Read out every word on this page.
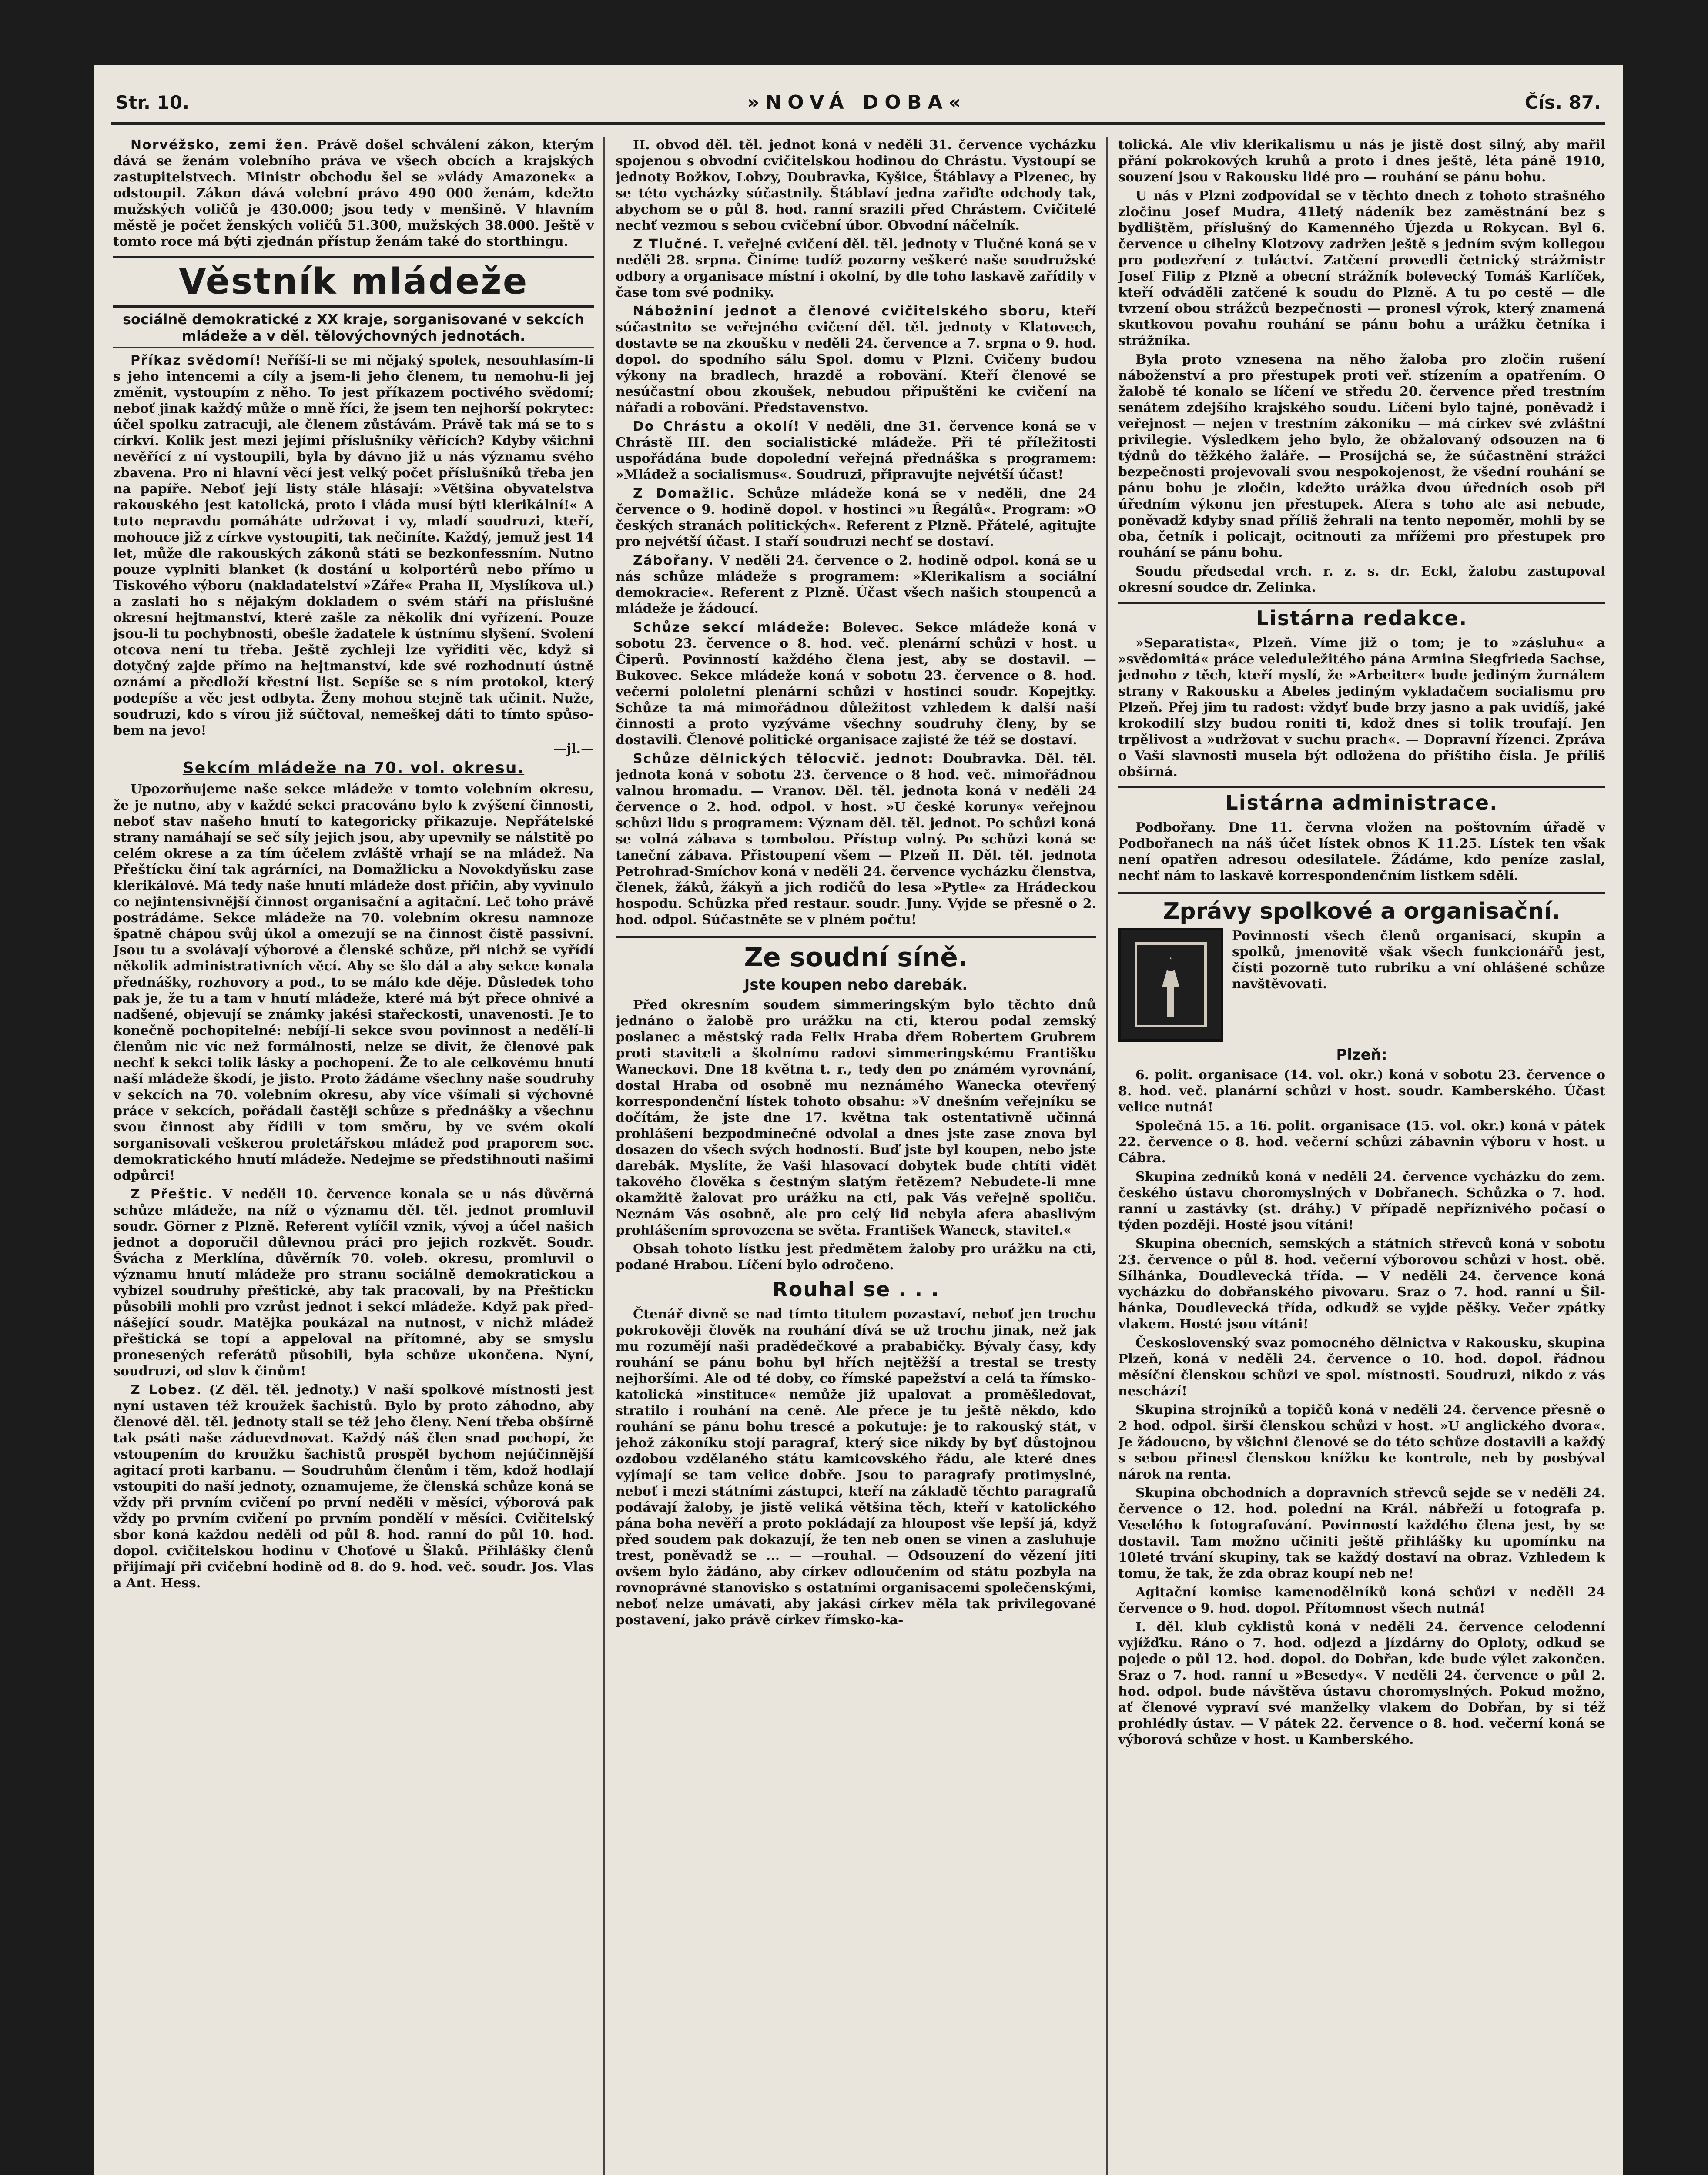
Str. 10.	»NOVÁ DOBA«	Čís. 87.

Norvéžsko, zemi žen. Právě došel schválení zákon, kterým dává se ženám volebního práva ve všech obcích a krajských zastupitelstvech. Ministr obchodu šel se »vlády Amazonek« a odstoupil. Zákon dává volební právo 490 000 ženám, kdežto mužských voličů je 430.000; jsou tedy v menšině. V hlavním městě je počet ženských voličů 51.300, mužských 38.000. Ještě v tomto roce má býti zjednán přístup ženám také do storthingu.

Věstník mládeže
sociálně demokratické z XX kraje, sorganisované v sekcích mládeže a v děl. tělovýchovných jednotách.

Příkaz svědomí! Neříší-li se mi nějaký spolek, nesouhlasím-li s jeho intencemi a cíly a jsem-li jeho členem, tu nemohu-li jej změnit, vystoupím z něho. To jest příkazem poctivého svědomí; neboť jinak každý může o mně říci, že jsem ten nejhorší pokrytec: účel spolku zatracuji, ale členem zůstávám. Právě tak má se to s církví. Kolik jest mezi jejími příslušníky věřících? Kdyby všichni nevěřící z ní vystoupili, byla by dávno již u nás významu svého zbavena. Pro ni hlavní věcí jest velký počet příslušníků třeba jen na papíře. Neboť její listy stále hlásají: »Většina obyvatelstva rakouského jest katolická, proto i vláda musí býti klerikální!« A tuto nepravdu pomáháte udržovat i vy, mladí soudruzi, kteří, mohouce již z církve vystoupiti, tak nečiníte. Každý, jemuž jest 14 let, může dle rakouských zákonů státi se bezkonfessním. Nutno pouze vyplniti blanket (k dostání u kolportérů nebo přímo u Tiskového výboru (nakladatelství »Záře« Praha II, Myslíkova ul.) a zaslati ho s nějakým dokladem o svém stáří na příslušné okresní hejtmanství, které zašle za několik dní vyřízení. Pouze jsou-li tu pochybnosti, obešle žadatele k ústnímu slyšení. Svolení otcova není tu třeba. Ještě zychleji lze vyřiditi věc, když si dotyčný zajde přímo na hejtmanství, kde své rozhodnutí ústně oznámí a předloží křestní list. Sepíše se s ním protokol, který podepíše a věc jest odbyta. Ženy mohou stejně tak učinit. Nuže, soudruzi, kdo s vírou již súčtoval, nemeškej dáti to tímto spůsobem na jevo!

—jl.—

Sekcím mládeže na 70. vol. okresu.

Upozorňujeme naše sekce mládeže v tomto volebním okresu, že je nutno, aby v každé sekci pracováno bylo k zvýšení činnosti, neboť stav našeho hnutí to kategoricky přikazuje. Nepřátelské strany namáhají se seč síly jejich jsou, aby upevnily se nálstitě po celém okrese a za tím účelem zvláště vrhají se na mládež. Na Přeštícku činí tak agrárníci, na Domažlicku a Novokdyňsku zase klerikálové. Má tedy naše hnutí mládeže dost příčin, aby vyvinulo co nejintensivnější činnost organisační a agitační. Leč toho právě postrádáme. Sekce mládeže na 70. volebním okresu namnoze špatně chápou svůj úkol a omezují se na činnost čistě passivní. Jsou tu a svolávají výborové a členské schůze, při nichž se vyřídí několik administrativních věcí. Aby se šlo dál a aby sekce konala přednášky, rozhovory a pod., to se málo kde děje. Důsledek toho pak je, že tu a tam v hnutí mládeže, které má být přece ohnivé a nadšené, objevují se známky jakési stařeckosti, unavenosti. Je to konečně pochopitelné: nebíjí-li sekce svou povinnost a nedělí-li členům nic víc než formálnosti, nelze se divit, že členové pak nechť k sekci tolik lásky a pochopení. Že to ale celkovému hnutí naší mládeže škodí, je jisto. Proto žádáme všechny naše soudruhy v sekcích na 70. volebním okresu, aby více všímali si výchovné práce v sekcích, pořádali častěji schůze s přednášky a všechnu svou činnost aby řídili v tom směru, by ve svém okolí sorganisovali veškerou proletářskou mládež pod praporem soc. demokratického hnutí mládeže. Nedejme se předstihnouti našimi odpůrci!

Z Přeštic. V neděli 10. července konala se u nás důvěrná schůze mládeže, na níž o významu děl. těl. jednot promluvil soudr. Görner z Plzně. Referent vylíčil vznik, vývoj a účel našich jednot a doporučil důlevnou práci pro jejich rozkvět. Soudr. Švácha z Merklína, důvěrník 70. voleb. okresu, promluvil o významu hnutí mládeže pro stranu sociálně demokratickou a vybízel soudruhy přeštické, aby tak pracovali, by na Přeštícku působili mohli pro vzrůst jednot i sekcí mládeže. Když pak přednášející soudr. Matějka poukázal na nutnost, v nichž mládež přeštická se topí a appeloval na přítomné, aby se smyslu pronesených referátů působili, byla schůze ukončena. Nyní, soudruzi, od slov k činům!

Z Lobez. (Z děl. těl. jednoty.) V naší spolkové místnosti jest nyní ustaven též kroužek šachistů. Bylo by proto záhodno, aby členové děl. těl. jednoty stali se též jeho členy. Není třeba obšírně tak psáti naše záduevdnovat. Každý náš člen snad pochopí, že vstoupením do kroužku šachistů prospěl bychom nejúčinnější agitací proti karbanu. — Soudruhům členům i těm, kdož hodlají vstoupiti do naší jednoty, oznamujeme, že členská schůze koná se vždy při prvním cvičení po první neděli v měsíci, výborová pak vždy po prvním cvičení po prvním pondělí v měsíci. Cvičitelský sbor koná každou neděli od půl 8. hod. ranní do půl 10. hod. dopol. cvičitelskou hodinu v Choťové u Šlaků. Přihlášky členů přijímají při cvičební hodině od 8. do 9. hod. več. soudr. Jos. Vlas a Ant. Hess.

II. obvod děl. těl. jednot koná v neděli 31. července vycházku spojenou s obvodní cvičitelskou hodinou do Chrástu. Vystoupí se jednoty Božkov, Lobzy, Doubravka, Kyšice, Štáblavy a Plzenec, by se této vycházky súčastnily. Štáblaví jedna zařiďte odchody tak, abychom se o půl 8. hod. ranní srazili před Chrástem. Cvičitelé nechť vezmou s sebou cvičební úbor. Obvodní náčelník.

Z Tlučné. I. veřejné cvičení děl. těl. jednoty v Tlučné koná se v neděli 28. srpna. Činíme tudíž pozorny veškeré naše soudružské odbory a organisace místní i okolní, by dle toho laskavě zařídily v čase tom své podniky.

Nábožniní jednot a členové cvičitelského sboru, kteří súčastnito se veřejného cvičení děl. těl. jednoty v Klatovech, dostavte se na zkoušku v neděli 24. července a 7. srpna o 9. hod. dopol. do spodního sálu Spol. domu v Plzni. Cvičeny budou výkony na bradlech, hrazdě a roboväní. Kteří členové se nesúčastní obou zkoušek, nebudou připuštěni ke cvičení na nářadí a roboväní. Představenstvo.

Do Chrástu a okolí! V neděli, dne 31. července koná se v Chrástě III. den socialistické mládeže. Při té příležitosti uspořádána bude dopolední veřejná přednáška s programem: »Mládež a socialismus«. Soudruzi, připravujte nejvétší účast!

Z Domažlic. Schůze mládeže koná se v neděli, dne 24 července o 9. hodině dopol. v hostinci »u Řegálů«. Program: »O českých stranách politických«. Referent z Plzně. Přátelé, agitujte pro nejvétší účast. I staří soudruzi nechť se dostaví.

Zábořany. V neděli 24. července o 2. hodině odpol. koná se u nás schůze mládeže s programem: »Klerikalism a sociální demokracie«. Referent z Plzně. Účast všech našich stoupenců a mládeže je žádoucí.

Schůze sekcí mládeže: Bolevec. Sekce mládeže koná v sobotu 23. července o 8. hod. več. plenární schůzi v host. u Čiperů. Povinností každého člena jest, aby se dostavil. — Bukovec. Sekce mládeže koná v sobotu 23. července o 8. hod. večerní pololetní plenární schůzi v hostinci soudr. Kopejtky. Schůze ta má mimořádnou důležitost vzhledem k další naší činnosti a proto vyzýváme všechny soudruhy členy, by se dostavili. Členové politické organisace zajisté že též se dostaví.

Schůze dělnických tělocvič. jednot: Doubravka. Děl. těl. jednota koná v sobotu 23. července o 8 hod. več. mimořádnou valnou hromadu. — Vranov. Děl. těl. jednota koná v neděli 24 července o 2. hod. odpol. v host. »U české koruny« veřejnou schůzi lidu s programem: Význam děl. těl. jednot. Po schůzi koná se volná zábava s tombolou. Přístup volný. Po schůzi koná se taneční zábava. Přistoupení všem — Plzeň II. Děl. těl. jednota Petrohrad-Smíchov koná v neděli 24. července vycházku členstva, členek, žáků, žákyň a jich rodičů do lesa »Pytle« za Hrádeckou hospodu. Schůzka před restaur. soudr. Juny. Vyjde se přesně o 2. hod. odpol. Súčastněte se v plném počtu!

Ze soudní síně.
Jste koupen nebo darebák.

Před okresním soudem simmeringským bylo těchto dnů jednáno o žalobě pro urážku na cti, kterou podal zemský poslanec a městský rada Felix Hraba dřem Robertem Grubrem proti staviteli a školnímu radovi simmeringskému Františku Waneckovi. Dne 18 května t. r., tedy den po známém vyrovnání, dostal Hraba od osobně mu neznámého Wanecka otevřený korrespondenční lístek tohoto obsahu: »V dnešním veřejníku se dočítám, že jste dne 17. května tak ostentativně učinná prohlášení bezpodmínečné odvolal a dnes jste zase znova byl dosazen do všech svých hodností. Buď jste byl koupen, nebo jste darebák. Myslíte, že Vaši hlasovací dobytek bude chtíti vidět takového člověka s čestným slatým řetězem? Nebudete-li mne okamžitě žalovat pro urážku na cti, pak Vás veřejně spoliču. Neznám Vás osobně, ale pro celý lid nebyla afera abaslivým prohlášením sprovozena se světa. František Waneck, stavitel.«

Obsah tohoto lístku jest předmětem žaloby pro urážku na cti, podané Hrabou. Líčení bylo odročeno.

Rouhal se . . .

Čtenář divně se nad tímto titulem pozastaví, neboť jen trochu pokrokověji člověk na rouhání dívá se už trochu jinak, než jak mu rozumějí naši pradědečkové a prababičky. Bývaly časy, kdy rouhání se pánu bohu byl hřích nejtěžší a trestal se tresty nejhoršími. Ale od té doby, co římské papežství a celá ta římsko-katolická »instituce« nemůže již upalovat a proměšledovat, stratilo i rouhání na ceně. Ale přece je tu ještě někdo, kdo rouhání se pánu bohu trescé a pokutuje: je to rakouský stát, v jehož zákoníku stojí paragraf, který sice nikdy by byť důstojnou ozdobou vzdělaného státu kamicovského řádu, ale které dnes vyjímají se tam velice dobře. Jsou to paragrafy protimyslné, neboť i mezi státními zástupci, kteří na základě těchto paragrafů podávají žaloby, je jistě veliká většina těch, kteří v katolického pána boha nevěří a proto pokládají za hloupost vše lepší já, když před soudem pak dokazují, že ten neb onen se vinen a zasluhuje trest, poněvadž se ... — —rouhal. — Odsouzení do vězení jiti ovšem bylo žádáno, aby církev odloučením od státu pozbyla na rovnoprávné stanovisko s ostatními organisacemi společenskými, neboť nelze umávati, aby jakási církev měla tak privilegované postavení, jako právě církev římsko-ka-

tolická. Ale vliv klerikalismu u nás je jistě dost silný, aby mařil přání pokrokových kruhů a proto i dnes ještě, léta páně 1910, souzení jsou v Rakousku lidé pro — rouhání se pánu bohu.

U nás v Plzni zodpovídal se v těchto dnech z tohoto strašného zločinu Josef Mudra, 41letý nádeník bez zaměstnání bez s bydlištěm, příslušný do Kamenného Újezda u Rokycan. Byl 6. července u cihelny Klotzovy zadržen ještě s jedním svým kollegou pro podezření z tuláctví. Zatčení provedli četnický strážmistr Josef Filip z Plzně a obecní strážník bolevecký Tomáš Karlíček, kteří odváděli zatčené k soudu do Plzně. A tu po cestě — dle tvrzení obou strážců bezpečnosti — pronesl výrok, který znamená skutkovou povahu rouhání se pánu bohu a urážku četníka i strážníka.

Byla proto vznesena na něho žaloba pro zločin rušení náboženství a pro přestupek proti veř. stízením a opatřením. O žalobě té konalo se líčení ve středu 20. července před trestním senátem zdejšího krajského soudu. Líčení bylo tajné, poněvadž i veřejnost — nejen v trestním zákoníku — má církev své zvláštní privilegie. Výsledkem jeho bylo, že obžalovaný odsouzen na 6 týdnů do těžkého žaláře. — Prosíjchá se, že súčastnění strážci bezpečnosti projevovali svou nespokojenost, že všední rouhání se pánu bohu je zločin, kdežto urážka dvou úředních osob při úředním výkonu jen přestupek. Afera s toho ale asi nebude, poněvadž kdyby snad příliš žehrali na tento nepoměr, mohli by se oba, četník i policajt, ocitnouti za mřížemi pro přestupek pro rouhání se pánu bohu.

Soudu předsedal vrch. r. z. s. dr. Eckl, žalobu zastupoval okresní soudce dr. Zelinka.

Listárna redakce.

»Separatista«, Plzeň. Víme již o tom; je to »zásluhu« a »svědomitá« práce veleduležitého pána Armina Siegfrieda Sachse, jednoho z těch, kteří myslí, že »Arbeiter« bude jediným žurnálem strany v Rakousku a Abeles jediným vykladačem socialismu pro Plzeň. Přej jim tu radost: vždyť bude brzy jasno a pak uvidíš, jaké krokodilí slzy budou roniti ti, kdož dnes si tolik troufají. Jen trpělivost a »udržovat v suchu prach«. — Dopravní řízenci. Zpráva o Vaší slavnosti musela být odložena do příštího čísla. Je příliš obšírná.

Listárna administrace.

Podbořany. Dne 11. června vložen na poštovním úřadě v Podbořanech na náš účet lístek obnos K 11.25. Lístek ten však není opatřen adresou odesilatele. Žádáme, kdo peníze zaslal, nechť nám to laskavě korrespondenčním lístkem sdělí.

Zprávy spolkové a organisační.

Povinností všech členů organisací, skupin a spolků, jmenovitě však všech funkcionářů jest, čísti pozorně tuto rubriku a vní ohlášené schůze navštěvovati.

Plzeň:

6. polit. organisace (14. vol. okr.) koná v sobotu 23. července o 8. hod. več. planární schůzi v host. soudr. Kamberského. Účast velice nutná!

Společná 15. a 16. polit. organisace (15. vol. okr.) koná v pátek 22. července o 8. hod. večerní schůzi zábavnin výboru v host. u Cábra.

Skupina zedníků koná v neděli 24. července vycházku do zem. českého ústavu choromyslných v Dobřanech. Schůzka o 7. hod. ranní u zastávky (st. dráhy.) V případě nepříznivého počasí o týden později. Hosté jsou vítáni!

Skupina obecních, semských a státních střevců koná v sobotu 23. července o půl 8. hod. večerní výborovou schůzi v host. obě. Sílhánka, Doudlevecká třída. — V neděli 24. července koná vycházku do dobřanského pivovaru. Sraz o 7. hod. ranní u Šilhánka, Doudlevecká třída, odkudž se vyjde pěšky. Večer zpátky vlakem. Hosté jsou vítáni!

Československý svaz pomocného dělnictva v Rakousku, skupina Plzeň, koná v neděli 24. července o 10. hod. dopol. řádnou měsíční členskou schůzi ve spol. místnosti. Soudruzi, nikdo z vás neschází!

Skupina strojníků a topičů koná v neděli 24. července přesně o 2 hod. odpol. širší členskou schůzi v host. »U anglického dvora«. Je žádoucno, by všichni členové se do této schůze dostavili a každý s sebou přinesl členskou knížku ke kontrole, neb by posbýval nárok na renta.

Skupina obchodních a dopravních střevců sejde se v neděli 24. července o 12. hod. polední na Král. nábřeží u fotografa p. Veselého k fotografování. Povinností každého člena jest, by se dostavil. Tam možno učiniti ještě přihlášky ku upomínku na 10leté trvání skupiny, tak se každý dostaví na obraz. Vzhledem k tomu, že tak, že zda obraz koupí neb ne!

Agitační komise kamenodělníků koná schůzi v neděli 24 července o 9. hod. dopol. Přítomnost všech nutná!

I. děl. klub cyklistů koná v neděli 24. července celodenní vyjížďku. Ráno o 7. hod. odjezd a jízdárny do Oploty, odkud se pojede o půl 12. hod. dopol. do Dobřan, kde bude výlet zakončen. Sraz o 7. hod. ranní u »Besedy«. V neděli 24. července o půl 2. hod. odpol. bude návštěva ústavu choromyslných. Pokud možno, ať členové vypraví své manželky vlakem do Dobřan, by si též prohlédly ústav. — V pátek 22. července o 8. hod. večerní koná se výborová schůze v host. u Kamberského.
